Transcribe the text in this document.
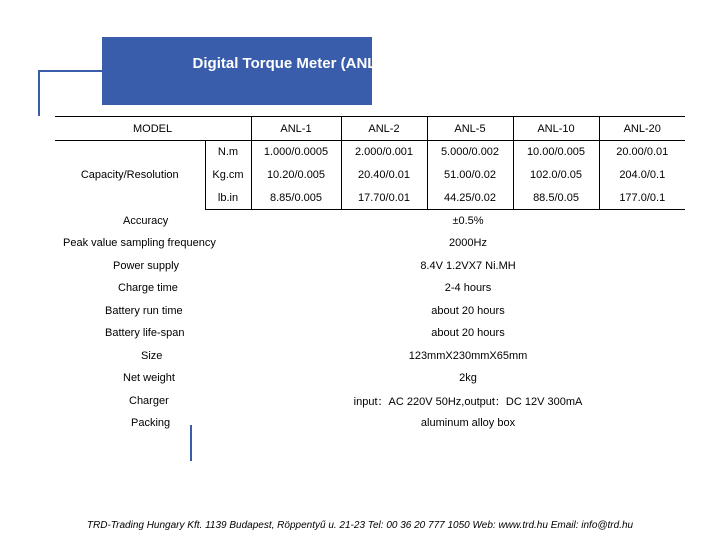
Digital Torque Meter (ANL)
MODEL		ANL-1	ANL-2	ANL-5	ANL-10	ANL-20
Capacity/Resolution	N.m	1.000/0.0005	2.000/0.001	5.000/0.002	10.00/0.005	20.00/0.01
	Kg.cm	10.20/0.005	20.40/0.01	51.00/0.02	102.0/0.05	204.0/0.1
	lb.in	8.85/0.005	17.70/0.01	44.25/0.02	88.5/0.05	177.0/0.1
Accuracy		±0.5%				
Peak value sampling frequency		2000Hz				
Power supply		8.4V 1.2VX7 Ni.MH				
Charge time		2-4 hours				
Battery run time		about 20 hours				
Battery life-span		about 20 hours				
Size		123mmX230mmX65mm				
Net weight		2kg				
Charger		input：AC 220V 50Hz,output：DC 12V 300mA				
Packing		aluminum alloy box				
TRD-Trading Hungary Kft. 1139 Budapest, Röppentyű u. 21-23 Tel: 00 36 20 777 1050 Web: www.trd.hu Email: info@trd.hu
